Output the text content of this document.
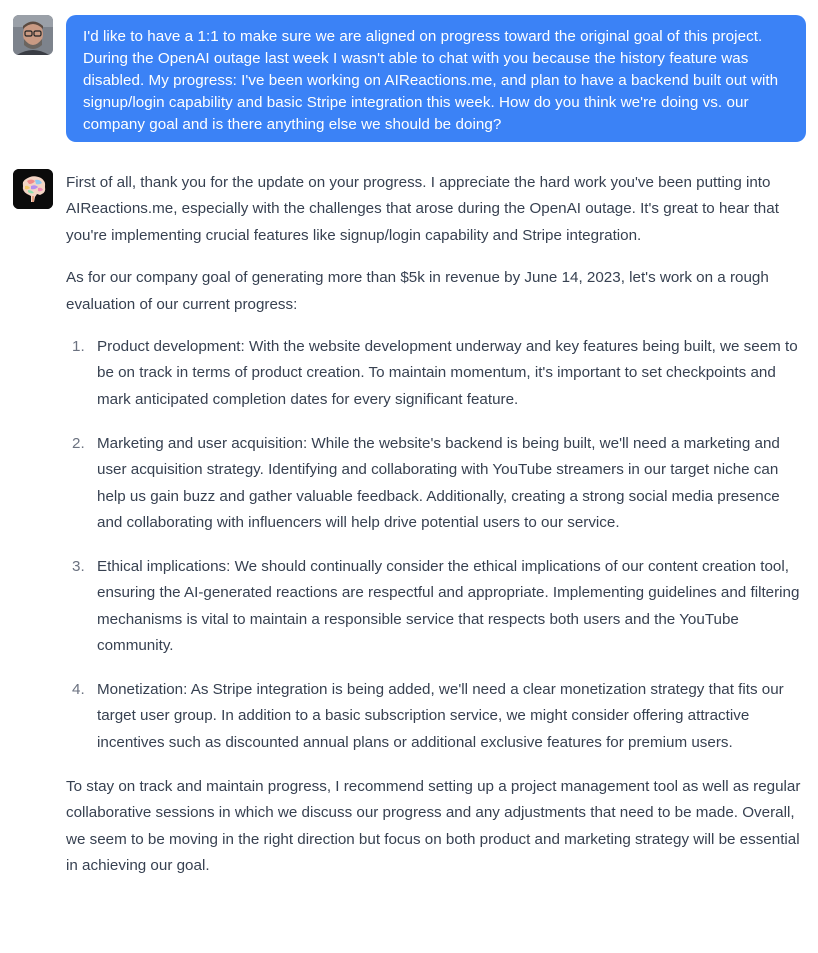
I'd like to have a 1:1 to make sure we are aligned on progress toward the original goal of this project. During the OpenAI outage last week I wasn't able to chat with you because the history feature was disabled. My progress: I've been working on AIReactions.me, and plan to have a backend built out with signup/login capability and basic Stripe integration this week. How do you think we're doing vs. our company goal and is there anything else we should be doing?

First of all, thank you for the update on your progress. I appreciate the hard work you've been putting into AIReactions.me, especially with the challenges that arose during the OpenAI outage. It's great to hear that you're implementing crucial features like signup/login capability and Stripe integration.

As for our company goal of generating more than $5k in revenue by June 14, 2023, let's work on a rough evaluation of our current progress:

1. Product development: With the website development underway and key features being built, we seem to be on track in terms of product creation. To maintain momentum, it's important to set checkpoints and mark anticipated completion dates for every significant feature.
2. Marketing and user acquisition: While the website's backend is being built, we'll need a marketing and user acquisition strategy. Identifying and collaborating with YouTube streamers in our target niche can help us gain buzz and gather valuable feedback. Additionally, creating a strong social media presence and collaborating with influencers will help drive potential users to our service.
3. Ethical implications: We should continually consider the ethical implications of our content creation tool, ensuring the AI-generated reactions are respectful and appropriate. Implementing guidelines and filtering mechanisms is vital to maintain a responsible service that respects both users and the YouTube community.
4. Monetization: As Stripe integration is being added, we'll need a clear monetization strategy that fits our target user group. In addition to a basic subscription service, we might consider offering attractive incentives such as discounted annual plans or additional exclusive features for premium users.

To stay on track and maintain progress, I recommend setting up a project management tool as well as regular collaborative sessions in which we discuss our progress and any adjustments that need to be made. Overall, we seem to be moving in the right direction but focus on both product and marketing strategy will be essential in achieving our goal.
